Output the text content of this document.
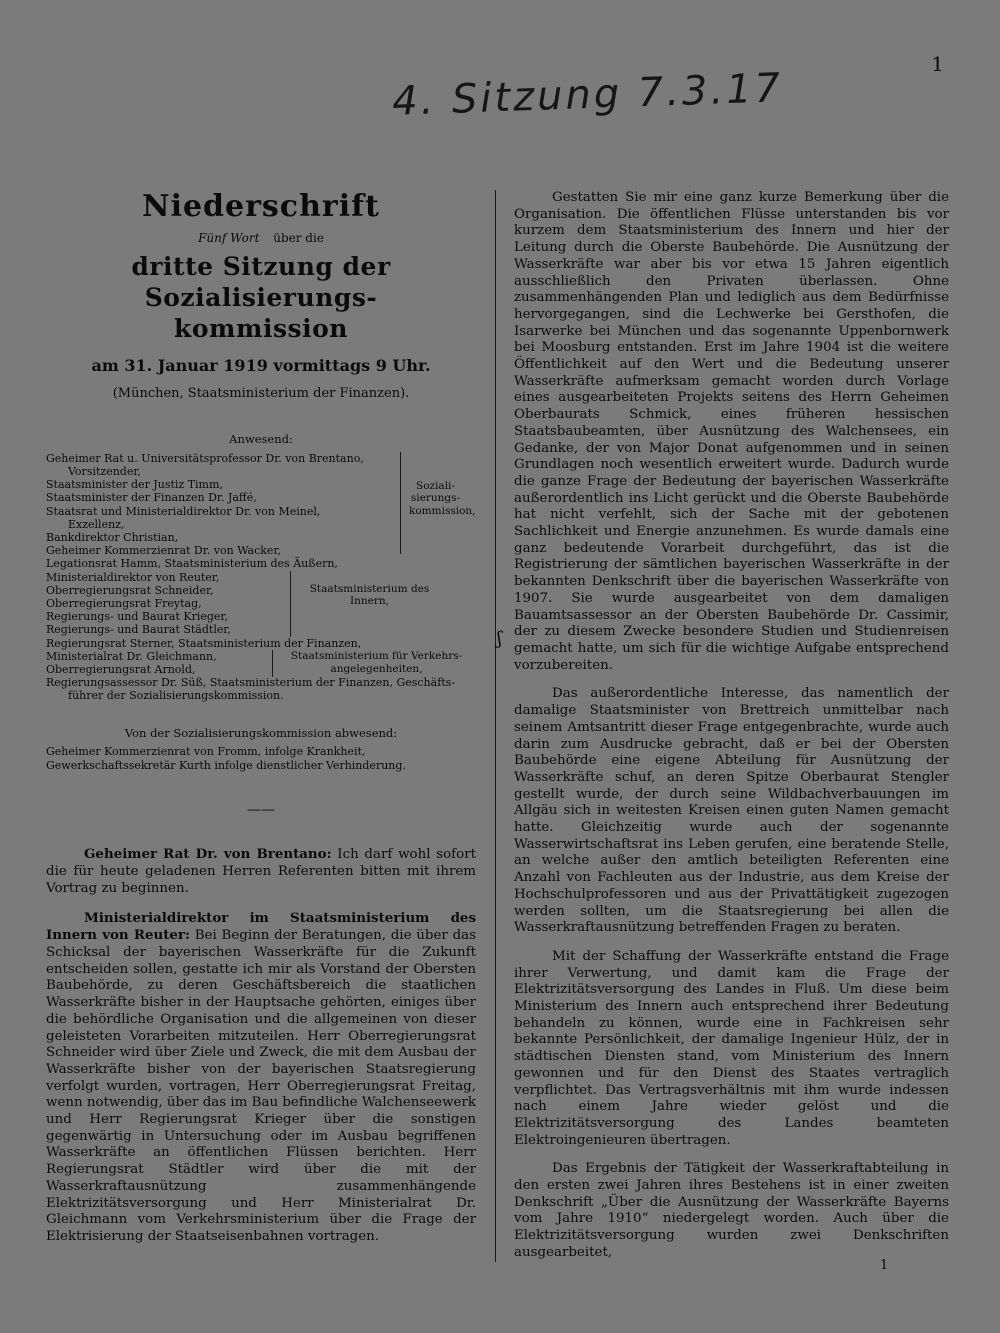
1
4. Sitzung 7.3.17
ʃ
Niederschrift
Fünf Wort über die
dritte Sitzung der Sozialisierungs-
kommission
am 31. Januar 1919 vormittags 9 Uhr.
(München, Staatsministerium der Finanzen).
Anwesend:
Geheimer Rat u. Universitätsprofessor Dr. von Brentano,
Vorsitzender,
Staatsminister der Justiz Timm,
Staatsminister der Finanzen Dr. Jaffé,
Staatsrat und Ministerialdirektor Dr. von Meinel,
Exzellenz,
Bankdirektor Christian,
Geheimer Kommerzienrat Dr. von Wacker,
Soziali-
sierungs-
kommission,
Legationsrat Hamm, Staatsministerium des Äußern,
Ministerialdirektor von Reuter,
Oberregierungsrat Schneider,
Oberregierungsrat Freytag,
Regierungs- und Baurat Krieger,
Regierungs- und Baurat Städtler,
Staatsministerium des
Innern,
Regierungsrat Sterner, Staatsministerium der Finanzen,
Ministerialrat Dr. Gleichmann,
Oberregierungsrat Arnold,
Staatsministerium für Verkehrs-
angelegenheiten,
Regierungsassessor Dr. Süß, Staatsministerium der Finanzen, Geschäfts-
führer der Sozialisierungskommission.
Von der Sozialisierungskommission abwesend:
Geheimer Kommerzienrat von Fromm, infolge Krankheit,
Gewerkschaftssekretär Kurth infolge dienstlicher Verhinderung.
——

Geheimer Rat Dr. von Brentano: Ich darf wohl sofort die für heute geladenen Herren Referenten bitten mit ihrem Vortrag zu beginnen.

Ministerialdirektor im Staatsministerium des Innern von Reuter: Bei Beginn der Beratungen, die über das Schicksal der bayerischen Wasserkräfte für die Zukunft entscheiden sollen, gestatte ich mir als Vorstand der Obersten Baubehörde, zu deren Geschäftsbereich die staatlichen Wasserkräfte bisher in der Hauptsache gehörten, einiges über die behördliche Organisation und die allgemeinen von dieser geleisteten Vorarbeiten mitzuteilen. Herr Oberregierungsrat Schneider wird über Ziele und Zweck, die mit dem Ausbau der Wasserkräfte bisher von der bayerischen Staatsregierung verfolgt wurden, vortragen, Herr Oberregierungsrat Freitag, wenn notwendig, über das im Bau befindliche Walchenseewerk und Herr Regierungsrat Krieger über die sonstigen gegenwärtig in Untersuchung oder im Ausbau begriffenen Wasserkräfte an öffentlichen Flüssen berichten. Herr Regierungsrat Städtler wird über die mit der Wasserkraftausnützung zusammenhängende Elektrizitätsversorgung und Herr Ministerialrat Dr. Gleichmann vom Verkehrsministerium über die Frage der Elektrisierung der Staatseisenbahnen vortragen.

Gestatten Sie mir eine ganz kurze Bemerkung über die Organisation. Die öffentlichen Flüsse unterstanden bis vor kurzem dem Staatsministerium des Innern und hier der Leitung durch die Oberste Baubehörde. Die Ausnützung der Wasserkräfte war aber bis vor etwa 15 Jahren eigentlich ausschließlich den Privaten überlassen. Ohne zusammenhängenden Plan und lediglich aus dem Bedürfnisse hervorgegangen, sind die Lechwerke bei Gersthofen, die Isarwerke bei München und das sogenannte Uppenbornwerk bei Moosburg entstanden. Erst im Jahre 1904 ist die weitere Öffentlichkeit auf den Wert und die Bedeutung unserer Wasserkräfte aufmerksam gemacht worden durch Vorlage eines ausgearbeiteten Projekts seitens des Herrn Geheimen Oberbaurats Schmick, eines früheren hessischen Staatsbaubeamten, über Ausnützung des Walchensees, ein Gedanke, der von Major Donat aufgenommen und in seinen Grundlagen noch wesentlich erweitert wurde. Dadurch wurde die ganze Frage der Bedeutung der bayerischen Wasserkräfte außerordentlich ins Licht gerückt und die Oberste Baubehörde hat nicht verfehlt, sich der Sache mit der gebotenen Sachlichkeit und Energie anzunehmen. Es wurde damals eine ganz bedeutende Vorarbeit durchgeführt, das ist die Registrierung der sämtlichen bayerischen Wasserkräfte in der bekannten Denkschrift über die bayerischen Wasserkräfte von 1907. Sie wurde ausgearbeitet von dem damaligen Bauamtsassessor an der Obersten Baubehörde Dr. Cassimir, der zu diesem Zwecke besondere Studien und Studienreisen gemacht hatte, um sich für die wichtige Aufgabe entsprechend vorzubereiten.

Das außerordentliche Interesse, das namentlich der damalige Staatsminister von Brettreich unmittelbar nach seinem Amtsantritt dieser Frage entgegenbrachte, wurde auch darin zum Ausdrucke gebracht, daß er bei der Obersten Baubehörde eine eigene Abteilung für Ausnützung der Wasserkräfte schuf, an deren Spitze Oberbaurat Stengler gestellt wurde, der durch seine Wildbachverbauungen im Allgäu sich in weitesten Kreisen einen guten Namen gemacht hatte. Gleichzeitig wurde auch der sogenannte Wasserwirtschaftsrat ins Leben gerufen, eine beratende Stelle, an welche außer den amtlich beteiligten Referenten eine Anzahl von Fachleuten aus der Industrie, aus dem Kreise der Hochschulprofessoren und aus der Privattätigkeit zugezogen werden sollten, um die Staatsregierung bei allen die Wasserkraftausnützung betreffenden Fragen zu beraten.

Mit der Schaffung der Wasserkräfte entstand die Frage ihrer Verwertung, und damit kam die Frage der Elektrizitätsversorgung des Landes in Fluß. Um diese beim Ministerium des Innern auch entsprechend ihrer Bedeutung behandeln zu können, wurde eine in Fachkreisen sehr bekannte Persönlichkeit, der damalige Ingenieur Hülz, der in städtischen Diensten stand, vom Ministerium des Innern gewonnen und für den Dienst des Staates vertraglich verpflichtet. Das Vertragsverhältnis mit ihm wurde indessen nach einem Jahre wieder gelöst und die Elektrizitätsversorgung des Landes beamteten Elektroingenieuren übertragen.

Das Ergebnis der Tätigkeit der Wasserkraftabteilung in den ersten zwei Jahren ihres Bestehens ist in einer zweiten Denkschrift „Über die Ausnützung der Wasserkräfte Bayerns vom Jahre 1910“ niedergelegt worden. Auch über die Elektrizitätsversorgung wurden zwei Denkschriften ausgearbeitet,

1
